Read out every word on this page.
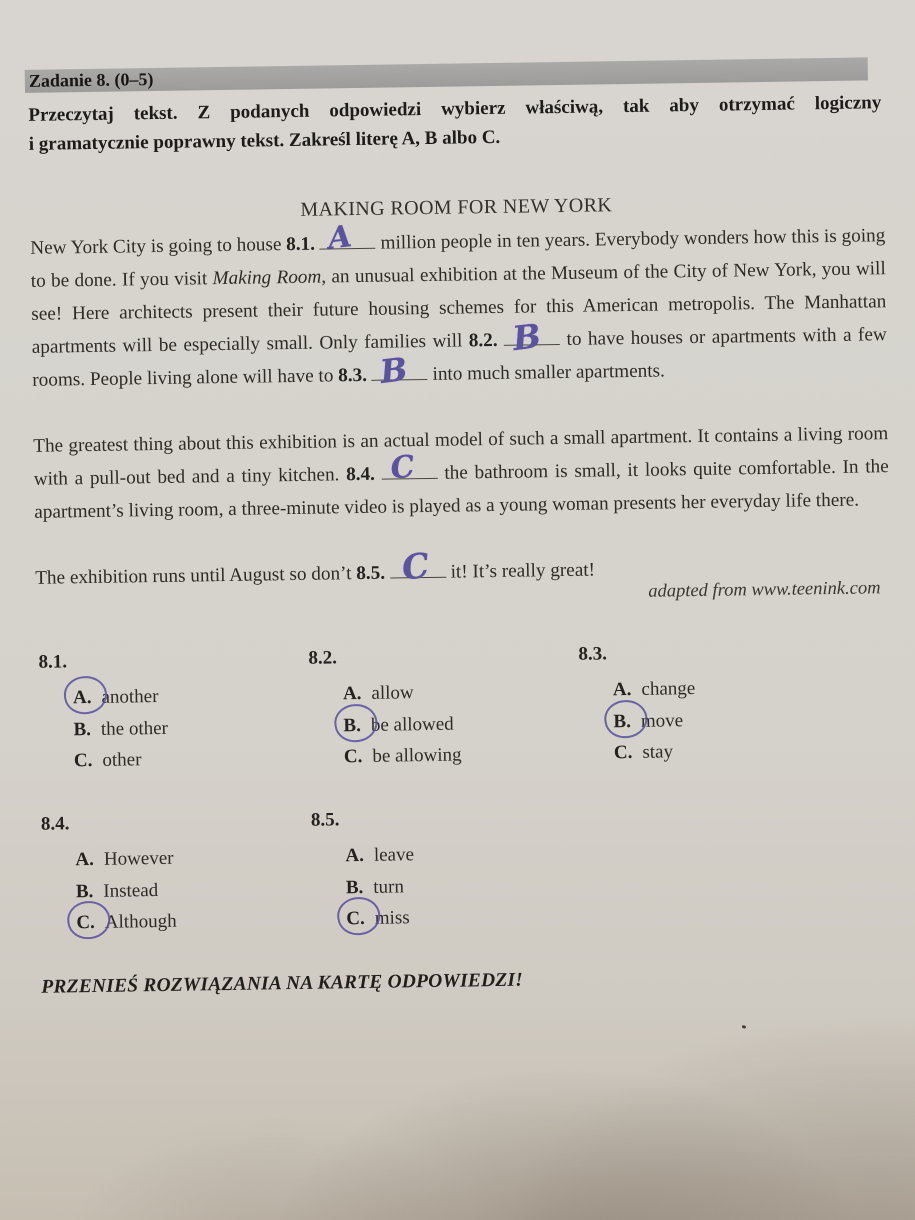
Zadanie 8. (0–5)
Przeczytaj tekst. Z podanych odpowiedzi wybierz właściwą, tak aby otrzymać logiczny
i gramatycznie poprawny tekst. Zakreśl literę A, B albo C.
MAKING ROOM FOR NEW YORK
New York City is going to house 8.1. A million people in ten years. Everybody wonders how this is going to be done. If you visit Making Room, an unusual exhibition at the Museum of the City of New York, you will see! Here architects present their future housing schemes for this American metropolis. The Manhattan apartments will be especially small. Only families will 8.2. B to have houses or apartments with a few rooms. People living alone will have to 8.3. B into much smaller apartments.
The greatest thing about this exhibition is an actual model of such a small apartment. It contains a living room with a pull-out bed and a tiny kitchen. 8.4. C the bathroom is small, it looks quite comfortable. In the apartment’s living room, a three-minute video is played as a young woman presents her everyday life there.
The exhibition runs until August so don’t 8.5. C it! It’s really great!
adapted from www.teenink.com
8.1.
A. another
B. the other
C. other
8.2.
A. allow
B. be allowed
C. be allowing
8.3.
A. change
B. move
C. stay
8.4.
A. However
B. Instead
C. Although
8.5.
A. leave
B. turn
C. miss
PRZENIEŚ ROZWIĄZANIA NA KARTĘ ODPOWIEDZI!
